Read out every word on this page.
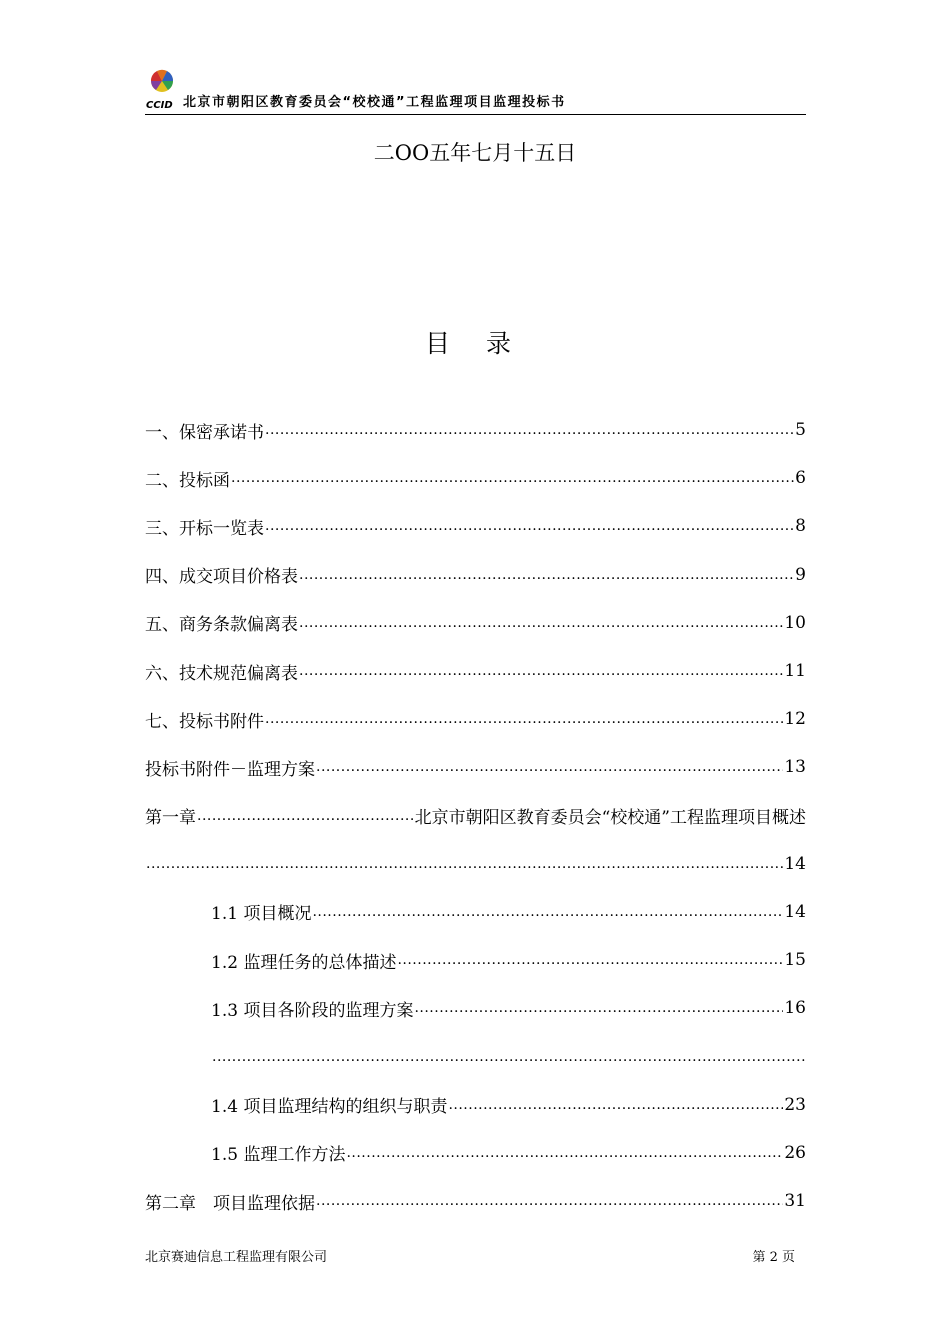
CCID 北京市朝阳区教育委员会“校校通”工程监理项目监理投标书
二OO五年七月十五日
目 录
一、保密承诺书 .....	5
二、投标函 .....	6
三、开标一览表 .....	8
四、成交项目价格表 .....	9
五、商务条款偏离表 .....	10
六、技术规范偏离表 .....	11
七、投标书附件 .....	12
投标书附件－监理方案 .....	13
第一章 .....	北京市朝阳区教育委员会“校校通”工程监理项目概述
.....
14
1.1 项目概况 .....	14
1.2 监理任务的总体描述 .....	15
1.3 项目各阶段的监理方案 .....	16
.....
1.4 项目监理结构的组织与职责 .....	23
1.5 监理工作方法 .....	26
第二章　项目监理依据 .....	31
北京赛迪信息工程监理有限公司	第 2 页
